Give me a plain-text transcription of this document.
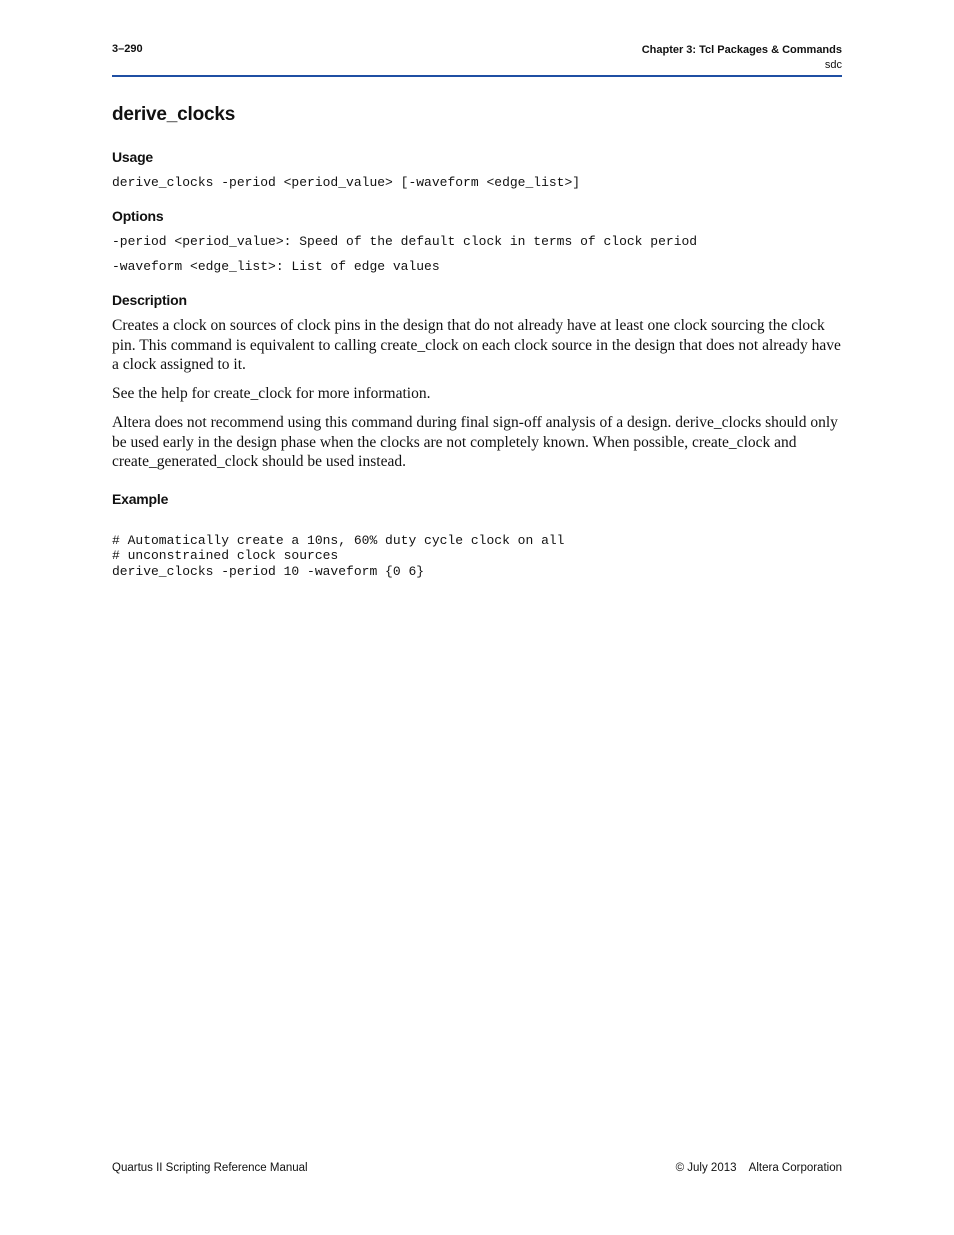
3–290	Chapter 3: Tcl Packages & Commands
sdc
derive_clocks
Usage
derive_clocks -period <period_value> [-waveform <edge_list>]
Options
-period <period_value>: Speed of the default clock in terms of clock period
-waveform <edge_list>: List of edge values
Description

Creates a clock on sources of clock pins in the design that do not already have at least one clock sourcing the clock pin. This command is equivalent to calling create_clock on each clock source in the design that does not already have a clock assigned to it.

See the help for create_clock for more information.

Altera does not recommend using this command during final sign-off analysis of a design. derive_clocks should only be used early in the design phase when the clocks are not completely known. When possible, create_clock and create_generated_clock should be used instead.

Example

# Automatically create a 10ns, 60% duty cycle clock on all
# unconstrained clock sources
derive_clocks -period 10 -waveform {0 6}

Quartus II Scripting Reference Manual	© July 2013 Altera Corporation
